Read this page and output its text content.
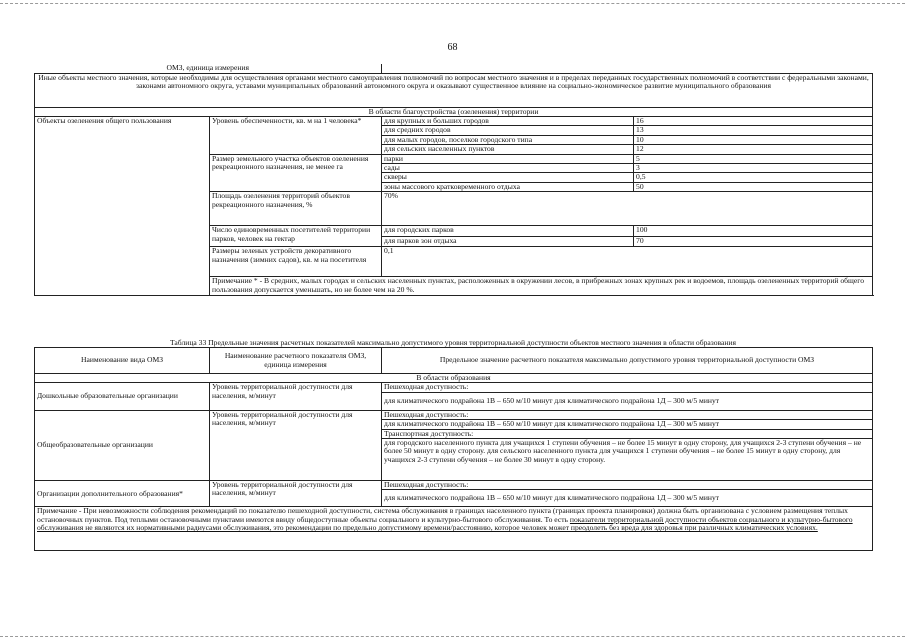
68
ОМЗ, единица измерения			
Иные объекты местного значения, которые необходимы для осуществления органами местного самоуправления полномочий по вопросам местного значения и в пределах переданных государственных полномочий в соответствии с федеральными законами, законами автономного округа, уставами муниципальных образований автономного округа и оказывают существенное влияние на социально-экономическое развитие муниципального образования			
В области благоустройства (озеленения) территории			
Объекты озеленения общего пользования	Уровень обеспеченности, кв. м на 1 человека*	для крупных и больших городов	16
		для средних городов	13
		для малых городов, поселков городского типа	10
		для сельских населенных пунктов	12
	Размер земельного участка объектов озеленения рекреационного назначения, не менее га	парки	5
		сады	3
		скверы	0,5
		зоны массового кратковременного отдыха	50
	Площадь озеленения территорий объектов рекреационного назначения, %	70%	
	Число единовременных посетителей территории парков, человек на гектар	для городских парков	100
		для парков зон отдыха	70
	Размеры зеленых устройств декоративного назначения (зимних садов), кв. м на посетителя	0,1	
	Примечание * - В средних, малых городах и сельских населенных пунктах, расположенных в окружении лесов, в прибрежных зонах крупных рек и водоемов, площадь озелененных территорий общего пользования допускается уменьшать, но не более чем на 20 %.		
Таблица 33 Предельные значения расчетных показателей максимально допустимого уровня территориальной доступности объектов местного значения в области образования
Наименование вида ОМЗ	Наименование расчетного показателя ОМЗ, единица измерения	Предельное значение расчетного показателя максимально допустимого уровня территориальной доступности ОМЗ
В области образования		
Дошкольные образовательные организации	Уровень территориальной доступности для населения, м/минут	Пешеходная доступность:
		для климатического подрайона 1В – 650 м/10 минут для климатического подрайона 1Д – 300 м/5 минут
Общеобразовательные организации	Уровень территориальной доступности для населения, м/минут	Пешеходная доступность:
		для климатического подрайона 1В – 650 м/10 минут для климатического подрайона 1Д – 300 м/5 минут
		Транспортная доступность:
		для городского населенного пункта для учащихся 1 ступени обучения – не более 15 минут в одну сторону, для учащихся 2-3 ступени обучения – не более 50 минут в одну сторону. для сельского населенного пункта для учащихся 1 ступени обучения – не более 15 минут в одну сторону, для учащихся 2-3 ступени обучения – не более 30 минут в одну сторону.
Организации дополнительного образования*	Уровень территориальной доступности для населения, м/минут	Пешеходная доступность:
		для климатического подрайона 1В – 650 м/10 минут для климатического подрайона 1Д – 300 м/5 минут
Примечание - При невозможности соблюдения рекомендаций по показателю пешеходной доступности, система обслуживания в границах населенного пункта (границах проекта планировки) должна быть организована с условием размещения теплых остановочных пунктов. Под теплыми остановочными пунктами имеются ввиду общедоступные объекты социального и культурно-бытового обслуживания. То есть показатели территориальной доступности объектов социального и культурно-бытового обслуживания не являются их нормативными радиусами обслуживания, это рекомендации по предельно допустимому времени/расстоянию, которое человек может преодолеть без вреда для здоровья при различных климатических условиях.		
